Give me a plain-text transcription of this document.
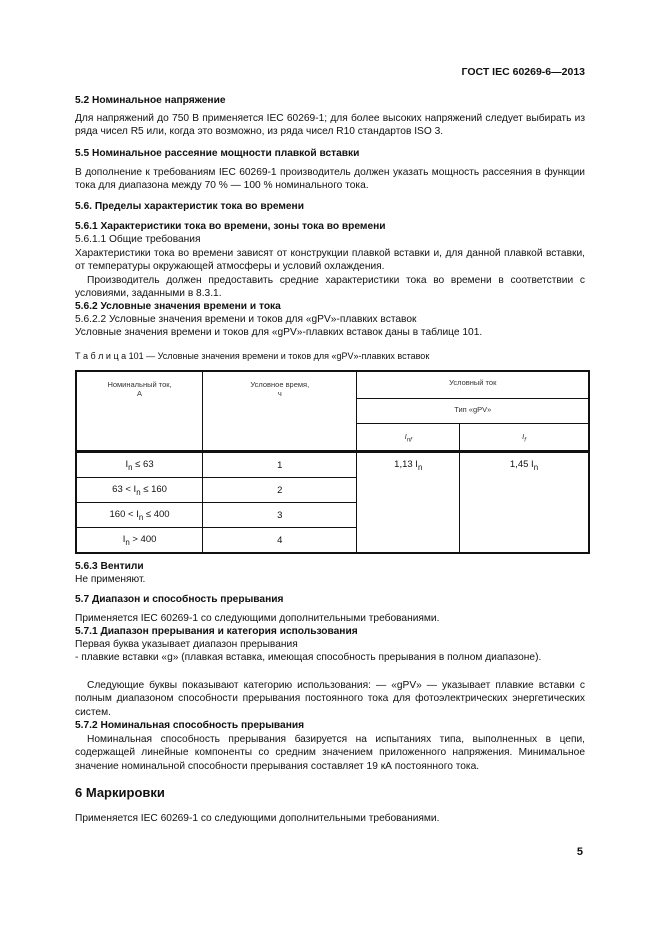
ГОСТ IEC 60269-6—2013
5.2 Номинальное напряжение
Для напряжений до 750 В применяется IEC 60269-1; для более высоких напряжений следует выбирать из ряда чисел R5 или, когда это возможно, из ряда чисел R10 стандартов ISO 3.
5.5 Номинальное рассеяние мощности плавкой вставки
В дополнение к требованиям IEC 60269-1 производитель должен указать мощность рассеяния в функции тока для диапазона между 70 % — 100 % номинального тока.
5.6. Пределы характеристик тока во времени
5.6.1 Характеристики тока во времени, зоны тока во времени
5.6.1.1 Общие требования
Характеристики тока во времени зависят от конструкции плавкой вставки и, для данной плавкой вставки, от температуры окружающей атмосферы и условий охлаждения.
Производитель должен предоставить средние характеристики тока во времени в соответствии с условиями, заданными в 8.3.1.
5.6.2 Условные значения времени и тока
5.6.2.2 Условные значения времени и токов для «gPV»-плавких вставок
Условные значения времени и токов для «gPV»-плавких вставок даны в таблице 101.
Т а б л и ц а 101 — Условные значения времени и токов для «gPV»-плавких вставок
Номинальный ток,
А	Условное время,
ч	Условный ток	
		Тип «gPV»	
		$I_{nf}$	$I_f$
$I_n \le 63$	1	1,13 $I_n$	1,45 $I_n$
$63 < I_n \le 160$	2		
$160 < I_n \le 400$	3		
$I_n > 400$	4		
5.6.3 Вентили
Не применяют.
5.7 Диапазон и способность прерывания
Применяется IEC 60269-1 со следующими дополнительными требованиями.
5.7.1 Диапазон прерывания и категория использования
Первая буква указывает диапазон прерывания
- плавкие вставки «g» (плавкая вставка, имеющая способность прерывания в полном диапазоне).
Следующие буквы показывают категорию использования: — «gPV» — указывает плавкие вставки с полным диапазоном способности прерывания постоянного тока для фотоэлектрических энергетических систем.
5.7.2 Номинальная способность прерывания
Номинальная способность прерывания базируется на испытаниях типа, выполненных в цепи, содержащей линейные компоненты со средним значением приложенного напряжения. Минимальное значение номинальной способности прерывания составляет 19 кА постоянного тока.
6 Маркировки
Применяется IEC 60269-1 со следующими дополнительными требованиями.
5
